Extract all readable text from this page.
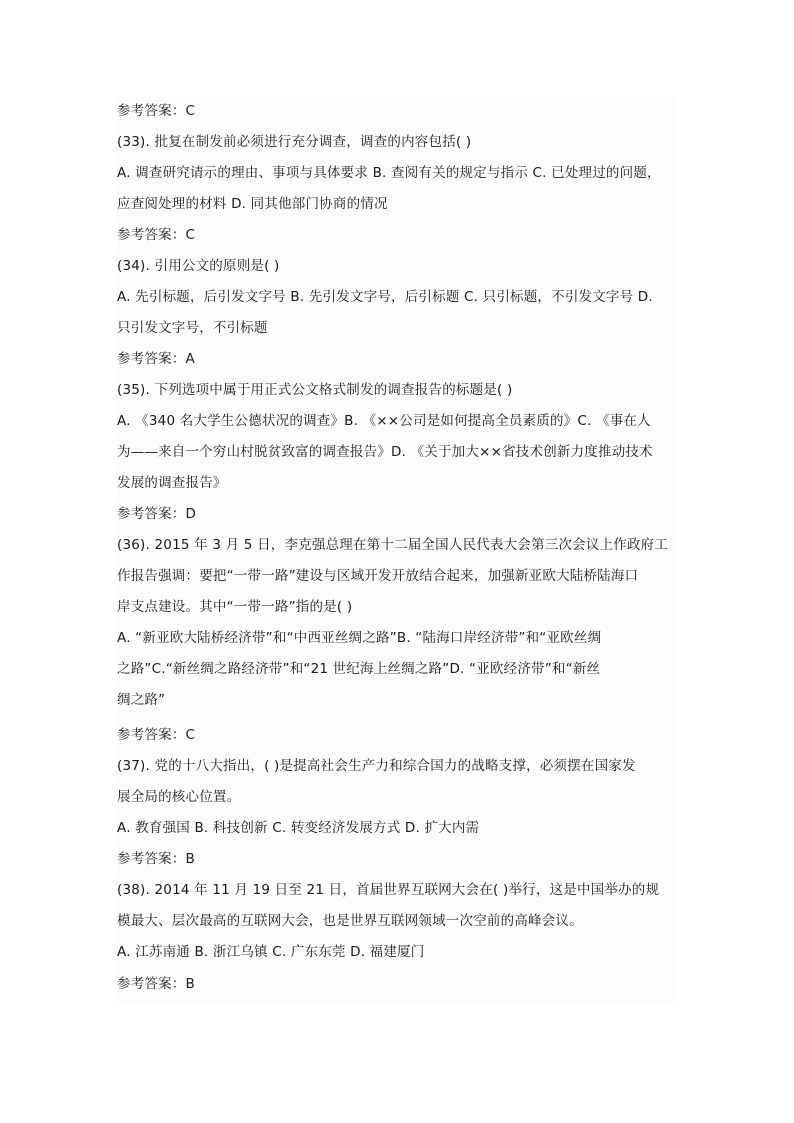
参考答案：C
(33). 批复在制发前必须进行充分调查，调查的内容包括( )
A. 调查研究请示的理由、事项与具体要求 B. 查阅有关的规定与指示 C. 已处理过的问题，
应查阅处理的材料 D. 同其他部门协商的情况
参考答案：C
(34). 引用公文的原则是( )
A. 先引标题，后引发文字号 B. 先引发文字号，后引标题 C. 只引标题，不引发文字号 D.
只引发文字号，不引标题
参考答案：A
(35). 下列选项中属于用正式公文格式制发的调查报告的标题是( )
A. 《340 名大学生公德状况的调查》B. 《××公司是如何提高全员素质的》C. 《事在人
为——来自一个穷山村脱贫致富的调查报告》D. 《关于加大××省技术创新力度推动技术
发展的调查报告》
参考答案：D
(36). 2015 年 3 月 5 日，李克强总理在第十二届全国人民代表大会第三次会议上作政府工
作报告强调：要把“一带一路”建设与区域开发开放结合起来，加强新亚欧大陆桥陆海口
岸支点建设。其中“一带一路”指的是( )
A. “新亚欧大陆桥经济带”和“中西亚丝绸之路”B. “陆海口岸经济带”和“亚欧丝绸
之路”C.“新丝绸之路经济带”和“21 世纪海上丝绸之路”D. “亚欧经济带”和“新丝
绸之路”
参考答案：C
(37). 党的十八大指出，( )是提高社会生产力和综合国力的战略支撑，必须摆在国家发
展全局的核心位置。
A. 教育强国 B. 科技创新 C. 转变经济发展方式 D. 扩大内需
参考答案：B
(38). 2014 年 11 月 19 日至 21 日，首届世界互联网大会在( )举行，这是中国举办的规
模最大、层次最高的互联网大会，也是世界互联网领域一次空前的高峰会议。
A. 江苏南通 B. 浙江乌镇 C. 广东东莞 D. 福建厦门
参考答案：B
